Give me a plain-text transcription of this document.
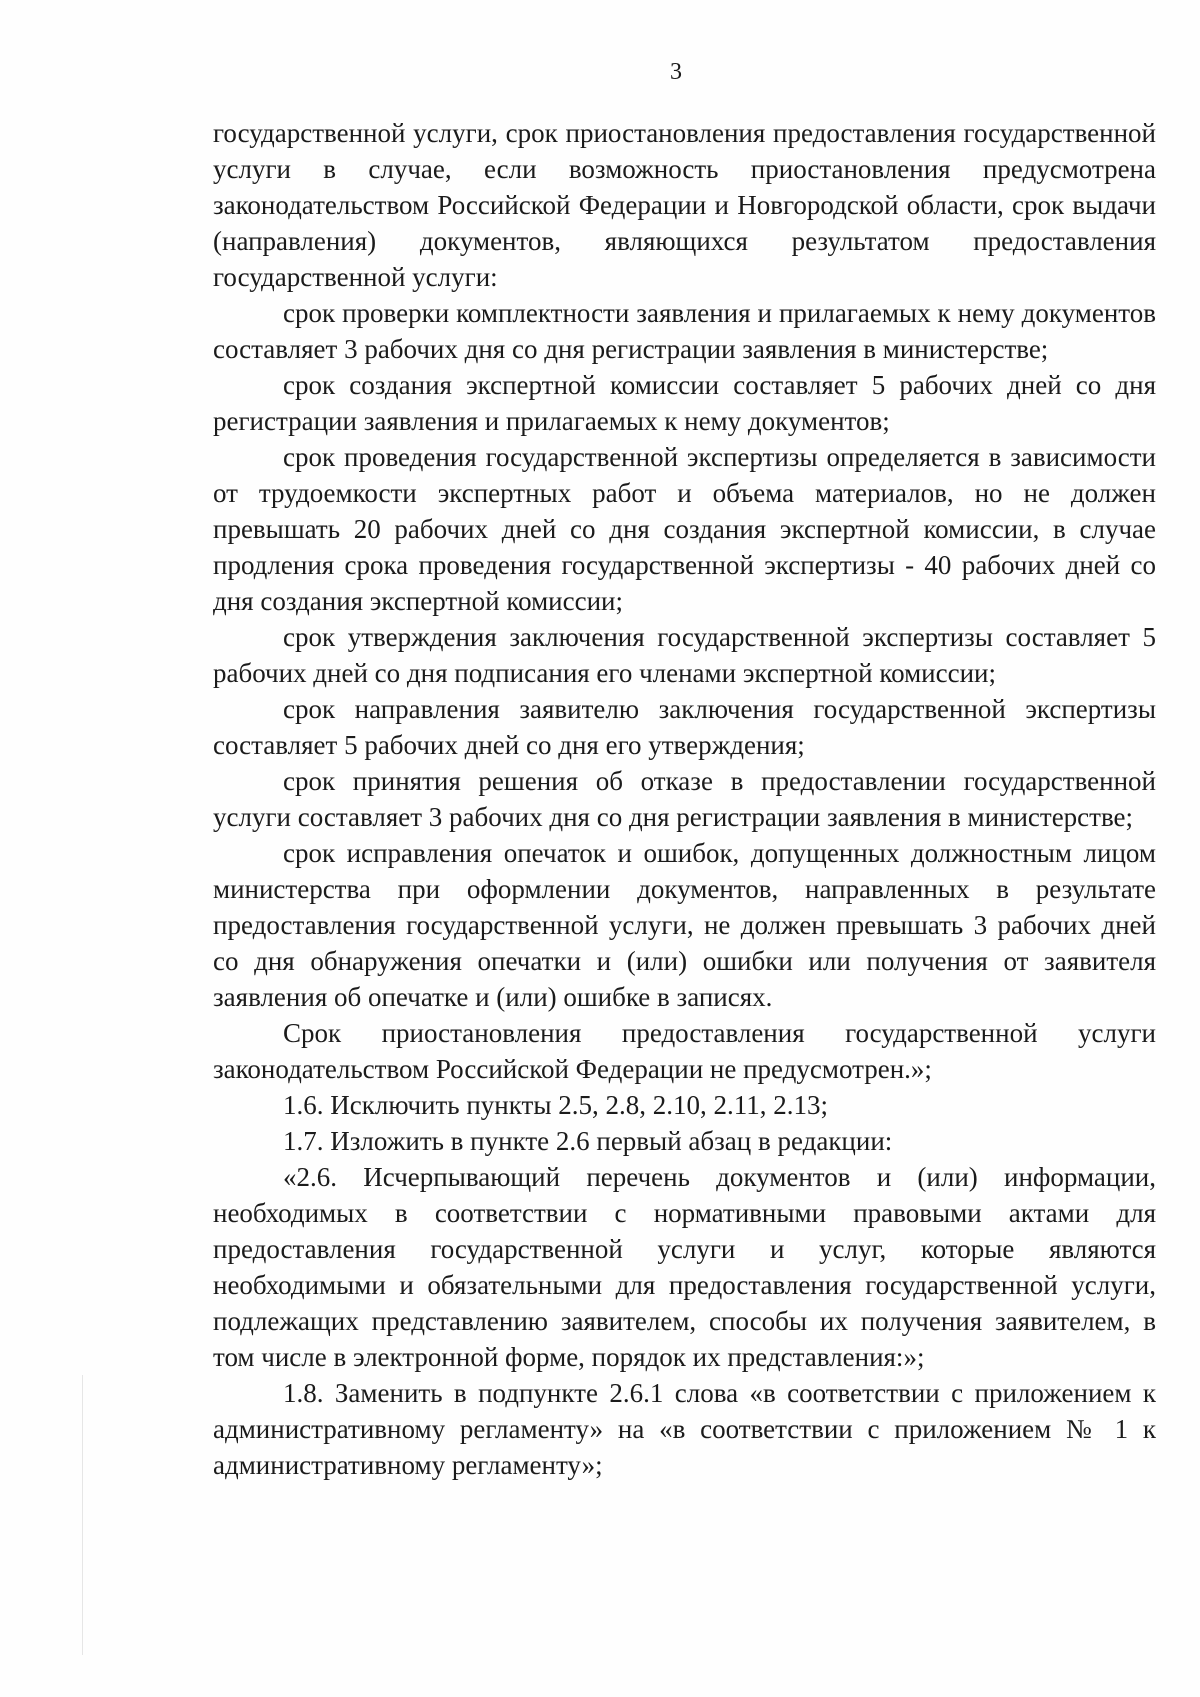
3

государственной услуги, срок приостановления предоставления государственной услуги в случае, если возможность приостановления предусмотрена законодательством Российской Федерации и Новгородской области, срок выдачи (направления) документов, являющихся результатом предоставления государственной услуги:

срок проверки комплектности заявления и прилагаемых к нему документов составляет 3 рабочих дня со дня регистрации заявления в министерстве;

срок создания экспертной комиссии составляет 5 рабочих дней со дня регистрации заявления и прилагаемых к нему документов;

срок проведения государственной экспертизы определяется в зависимости от трудоемкости экспертных работ и объема материалов, но не должен превышать 20 рабочих дней со дня создания экспертной комиссии, в случае продления срока проведения государственной экспертизы - 40 рабочих дней со дня создания экспертной комиссии;

срок утверждения заключения государственной экспертизы составляет 5 рабочих дней со дня подписания его членами экспертной комиссии;

срок направления заявителю заключения государственной экспертизы составляет 5 рабочих дней со дня его утверждения;

срок принятия решения об отказе в предоставлении государственной услуги составляет 3 рабочих дня со дня регистрации заявления в министерстве;

срок исправления опечаток и ошибок, допущенных должностным лицом министерства при оформлении документов, направленных в результате предоставления государственной услуги, не должен превышать 3 рабочих дней со дня обнаружения опечатки и (или) ошибки или получения от заявителя заявления об опечатке и (или) ошибке в записях.

Срок приостановления предоставления государственной услуги законодательством Российской Федерации не предусмотрен.»;

1.6. Исключить пункты 2.5, 2.8, 2.10, 2.11, 2.13;

1.7. Изложить в пункте 2.6 первый абзац в редакции:

«2.6. Исчерпывающий перечень документов и (или) информации, необходимых в соответствии с нормативными правовыми актами для предоставления государственной услуги и услуг, которые являются необходимыми и обязательными для предоставления государственной услуги, подлежащих представлению заявителем, способы их получения заявителем, в том числе в электронной форме, порядок их представления:»;

1.8. Заменить в подпункте 2.6.1 слова «в соответствии с приложением к административному регламенту» на «в соответствии с приложением № 1 к административному регламенту»;
